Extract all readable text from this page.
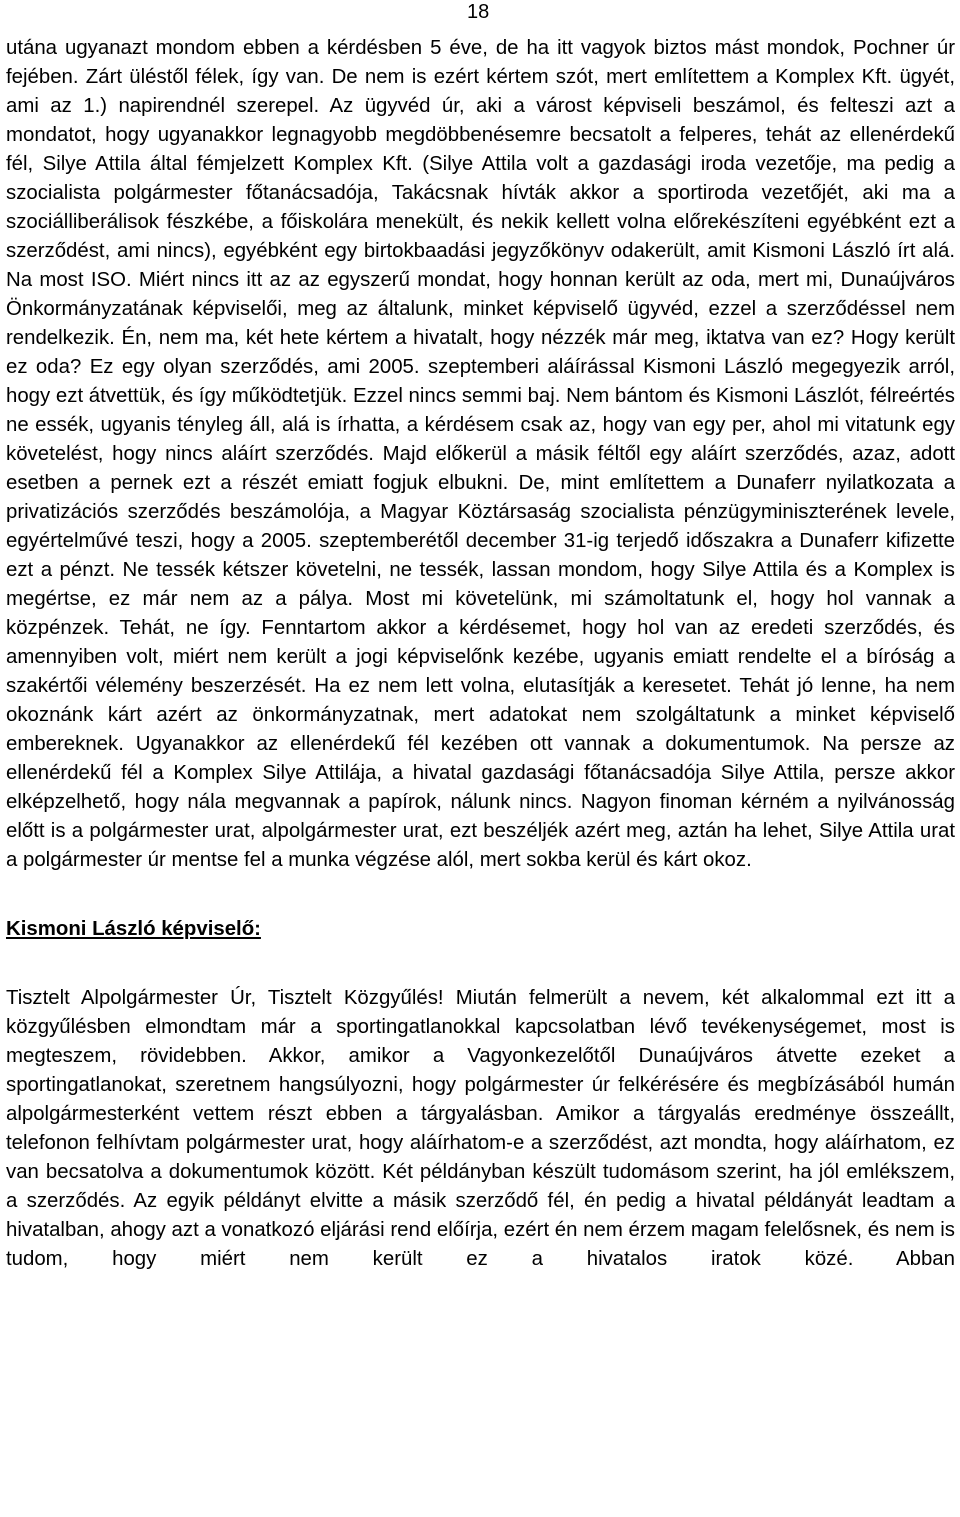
18

utána ugyanazt mondom ebben a kérdésben 5 éve, de ha itt vagyok biztos mást mondok, Pochner úr fejében. Zárt üléstől félek, így van. De nem is ezért kértem szót, mert említettem a Komplex Kft. ügyét, ami az 1.) napirendnél szerepel. Az ügyvéd úr, aki a várost képviseli beszámol, és felteszi azt a mondatot, hogy ugyanakkor legnagyobb megdöbbenésemre becsatolt a felperes, tehát az ellenérdekű fél, Silye Attila által fémjelzett Komplex Kft. (Silye Attila volt a gazdasági iroda vezetője, ma pedig a szocialista polgármester főtanácsadója, Takácsnak hívták akkor a sportiroda vezetőjét, aki ma a szociálliberálisok fészkébe, a főiskolára menekült, és nekik kellett volna előrekészíteni egyébként ezt a szerződést, ami nincs), egyébként egy birtokbaadási jegyzőkönyv odakerült, amit Kismoni László írt alá. Na most ISO. Miért nincs itt az az egyszerű mondat, hogy honnan került az oda, mert mi, Dunaújváros Önkormányzatának képviselői, meg az általunk, minket képviselő ügyvéd, ezzel a szerződéssel nem rendelkezik. Én, nem ma, két hete kértem a hivatalt, hogy nézzék már meg, iktatva van ez? Hogy került ez oda? Ez egy olyan szerződés, ami 2005. szeptemberi aláírással Kismoni László megegyezik arról, hogy ezt átvettük, és így működtetjük. Ezzel nincs semmi baj. Nem bántom és Kismoni Lászlót, félreértés ne essék, ugyanis tényleg áll, alá is írhatta, a kérdésem csak az, hogy van egy per, ahol mi vitatunk egy követelést, hogy nincs aláírt szerződés. Majd előkerül a másik féltől egy aláírt szerződés, azaz, adott esetben a pernek ezt a részét emiatt fogjuk elbukni. De, mint említettem a Dunaferr nyilatkozata a privatizációs szerződés beszámolója, a Magyar Köztársaság szocialista pénzügyminiszterének levele, egyértelművé teszi, hogy a 2005. szeptemberétől december 31-ig terjedő időszakra a Dunaferr kifizette ezt a pénzt. Ne tessék kétszer követelni, ne tessék, lassan mondom, hogy Silye Attila és a Komplex is megértse, ez már nem az a pálya. Most mi követelünk, mi számoltatunk el, hogy hol vannak a közpénzek. Tehát, ne így. Fenntartom akkor a kérdésemet, hogy hol van az eredeti szerződés, és amennyiben volt, miért nem került a jogi képviselőnk kezébe, ugyanis emiatt rendelte el a bíróság a szakértői vélemény beszerzését. Ha ez nem lett volna, elutasítják a keresetet. Tehát jó lenne, ha nem okoznánk kárt azért az önkormányzatnak, mert adatokat nem szolgáltatunk a minket képviselő embereknek. Ugyanakkor az ellenérdekű fél kezében ott vannak a dokumentumok. Na persze az ellenérdekű fél a Komplex Silye Attilája, a hivatal gazdasági főtanácsadója Silye Attila, persze akkor elképzelhető, hogy nála megvannak a papírok, nálunk nincs. Nagyon finoman kérném a nyilvánosság előtt is a polgármester urat, alpolgármester urat, ezt beszéljék azért meg, aztán ha lehet, Silye Attila urat a polgármester úr mentse fel a munka végzése alól, mert sokba kerül és kárt okoz.

Kismoni László képviselő:

Tisztelt Alpolgármester Úr, Tisztelt Közgyűlés! Miután felmerült a nevem, két alkalommal ezt itt a közgyűlésben elmondtam már a sportingatlanokkal kapcsolatban lévő tevékenységemet, most is megteszem, rövidebben. Akkor, amikor a Vagyonkezelőtől Dunaújváros átvette ezeket a sportingatlanokat, szeretnem hangsúlyozni, hogy polgármester úr felkérésére és megbízásából humán alpolgármesterként vettem részt ebben a tárgyalásban. Amikor a tárgyalás eredménye összeállt, telefonon felhívtam polgármester urat, hogy aláírhatom-e a szerződést, azt mondta, hogy aláírhatom, ez van becsatolva a dokumentumok között. Két példányban készült tudomásom szerint, ha jól emlékszem, a szerződés. Az egyik példányt elvitte a másik szerződő fél, én pedig a hivatal példányát leadtam a hivatalban, ahogy azt a vonatkozó eljárási rend előírja, ezért én nem érzem magam felelősnek, és nem is tudom, hogy miért nem került ez a hivatalos iratok közé. Abban
